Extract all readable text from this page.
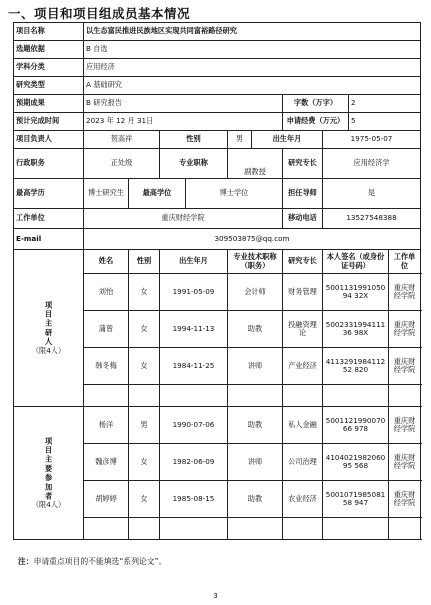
一、项目和项目组成员基本情况
项目名称	以生态富民推进民族地区实现共同富裕路径研究									
选题依据	B 自选									
学科分类	应用经济									
研究类型	A 基础研究									
预期成果	B 研究报告						字数（万字）		2	
预计完成时间	2023 年 12 月 31日						申请经费（万元）		5	
项目负责人	贺高祥		性别		男	出生年月		1975-05-07		
行政职务	正处级		专业职称		副教授		研究专长	应用经济学		
最高学历	博士研究生	最高学位		博士学位			担任导师	是		
工作单位	重庆财经学院						移动电话	13527548388		
E-mail	309503875@qq.com									

项目主研人
（限4人）	姓名	性别	出生年月		专业技术职称（职务）		研究专长	本人签名（或身份证号码）		工作单位
	刘怡	女	1991-05-09		会计师		财务管理	500113199105094 32X		重庆财经学院
	蒲曾	女	1994-11-13		助教		投融资理论	500233199411136 98X		重庆财经学院
	韩冬梅	女	1984-11-25		讲师		产业经济	411329198411252 820		重庆财经学院

项目主要参加者
（限4人）	杨洋	男	1990-07-06		助教		私人金融	500112199007066 978		重庆财经学院
	魏彦博	女	1982-06-09		讲师		公司治理	410402198206095 568		重庆财经学院
	胡婷婷	女	1985-08-15		助教		农业经济	500107198508158 947		重庆财经学院

注：申请重点项目的不能填选“系列论文”。
3
